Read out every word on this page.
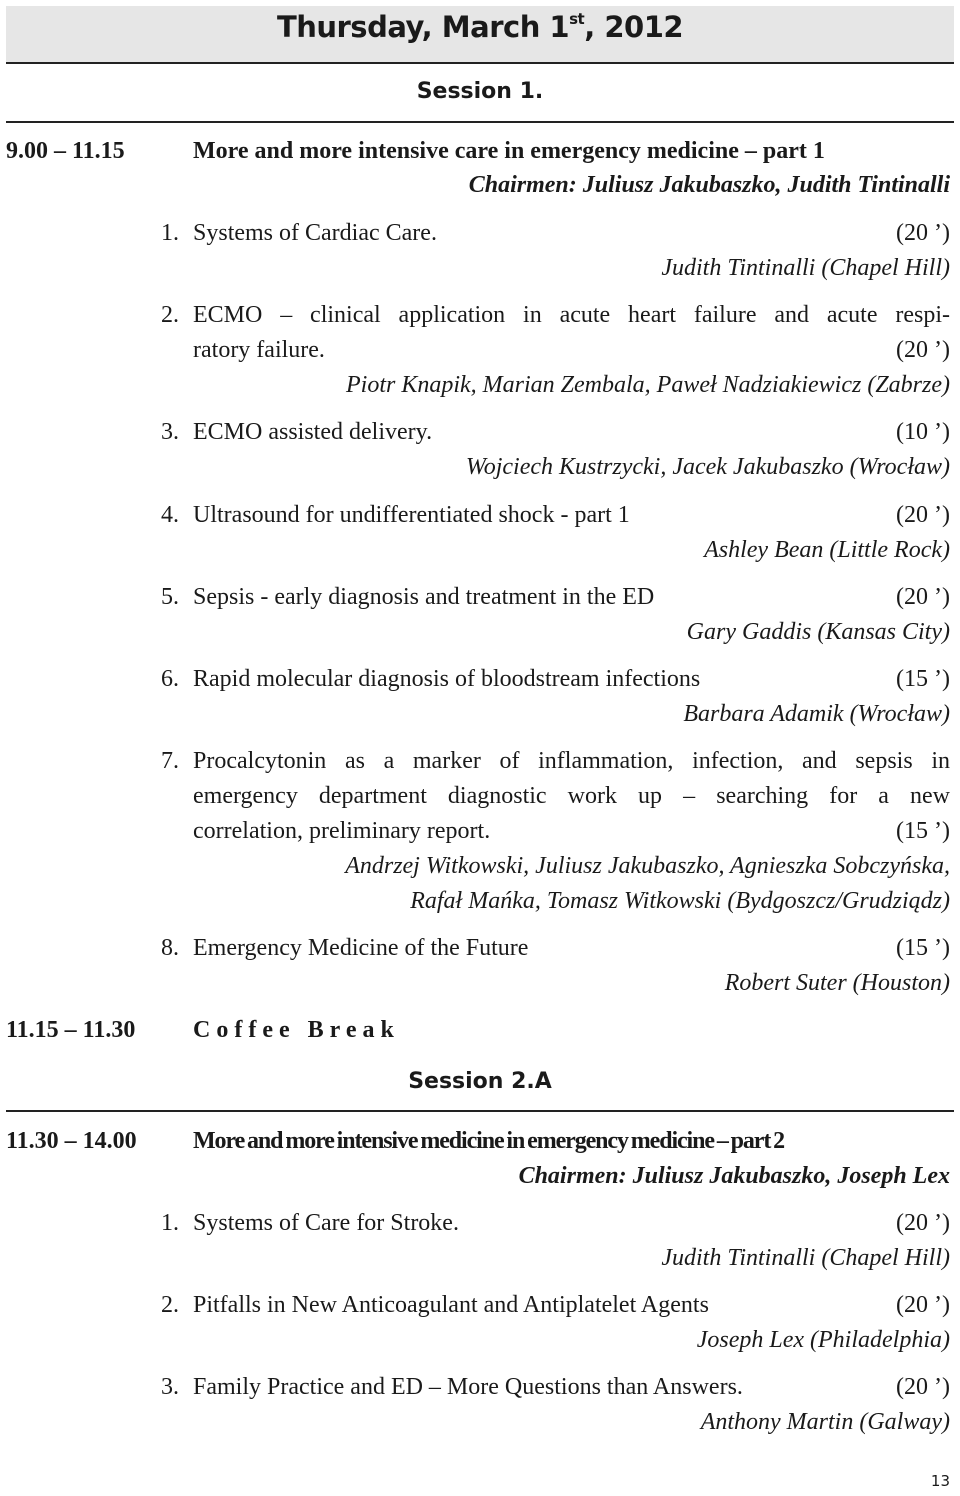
Thursday, March 1st, 2012
Session 1.
9.00 – 11.15	More and more intensive care in emergency medicine – part 1
Chairmen: Juliusz Jakubaszko, Judith Tintinalli
1. Systems of Cardiac Care.	(20 ’)
Judith Tintinalli (Chapel Hill)
2. ECMO – clinical application in acute heart failure and acute respi-
ratory failure.	(20 ’)
Piotr Knapik, Marian Zembala, Paweł Nadziakiewicz (Zabrze)
3. ECMO assisted delivery.	(10 ’)
Wojciech Kustrzycki, Jacek Jakubaszko (Wrocław)
4. Ultrasound for undifferentiated shock - part 1	(20 ’)
Ashley Bean (Little Rock)
5. Sepsis - early diagnosis and treatment in the ED	(20 ’)
Gary Gaddis (Kansas City)
6. Rapid molecular diagnosis of bloodstream infections	(15 ’)
Barbara Adamik (Wrocław)
7. Procalcytonin as a marker of inflammation, infection, and sepsis in
emergency department diagnostic work up – searching for a new
correlation, preliminary report.	(15 ’)
Andrzej Witkowski, Juliusz Jakubaszko, Agnieszka Sobczyńska,
Rafał Mańka, Tomasz Witkowski (Bydgoszcz/Grudziądz)
8. Emergency Medicine of the Future	(15 ’)
Robert Suter (Houston)
11.15 – 11.30 Coffee Break
Session 2.A
11.30 – 14.00 More and more intensive medicine in emergency medicine – part 2
Chairmen: Juliusz Jakubaszko, Joseph Lex
1. Systems of Care for Stroke.	(20 ’)
Judith Tintinalli (Chapel Hill)
2. Pitfalls in New Anticoagulant and Antiplatelet Agents	(20 ’)
Joseph Lex (Philadelphia)
3. Family Practice and ED – More Questions than Answers.	(20 ’)
Anthony Martin (Galway)
13
